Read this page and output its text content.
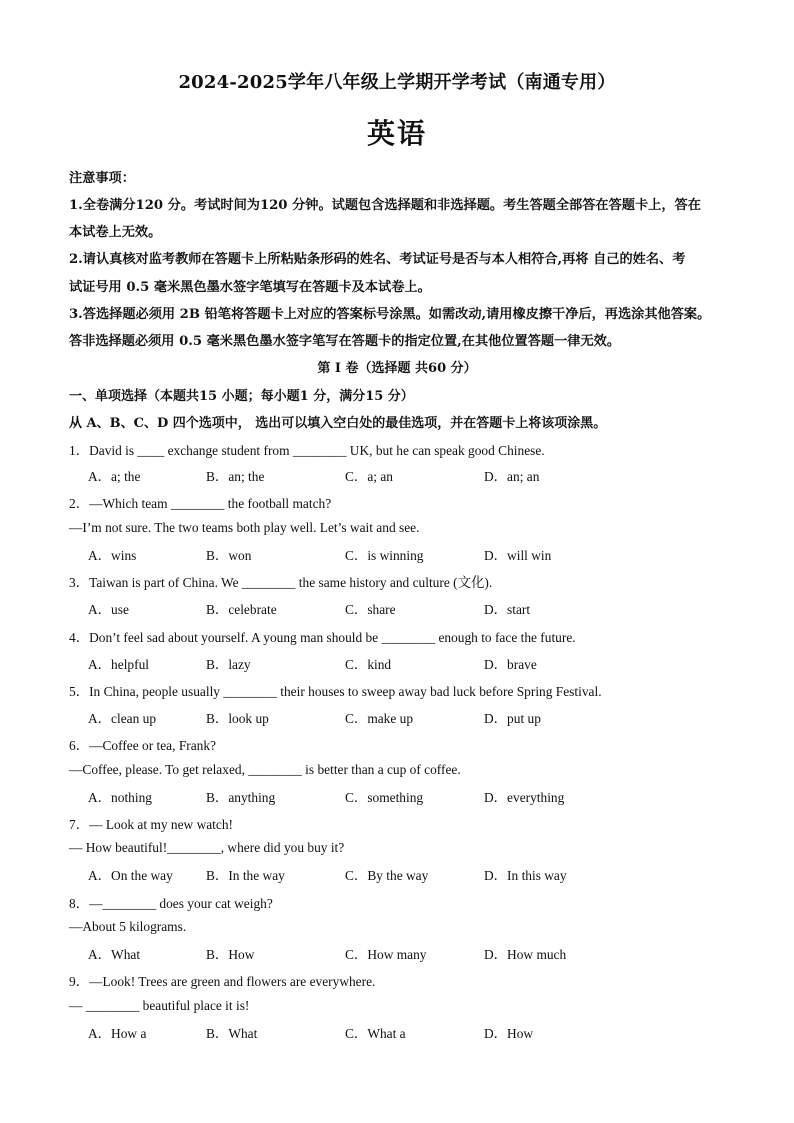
2024-2025学年八年级上学期开学考试（南通专用）
英语
注意事项：
1.全卷满分120 分。考试时间为120 分钟。试题包含选择题和非选择题。考生答题全部答在答题卡上，答在
本试卷上无效。
2.请认真核对监考教师在答题卡上所粘贴条形码的姓名、考试证号是否与本人相符合,再将 自己的姓名、考
试证号用 0.5 毫米黑色墨水签字笔填写在答题卡及本试卷上。
3.答选择题必须用 2B 铅笔将答题卡上对应的答案标号涂黑。如需改动,请用橡皮擦干净后，再选涂其他答案。
答非选择题必须用 0.5 毫米黑色墨水签字笔写在答题卡的指定位置,在其他位置答题一律无效。
第 I 卷（选择题 共60 分）
一、单项选择（本题共15 小题；每小题1 分，满分15 分）
从 A、B、C、D 四个选项中， 选出可以填入空白处的最佳选项，并在答题卡上将该项涂黑。
1．David is ____ exchange student from ________ UK, but he can speak good Chinese.
A．a; the	B．an; the	C．a; an	D．an; an
2．—Which team ________ the football match?
—I’m not sure. The two teams both play well. Let’s wait and see.
A．wins	B．won	C．is winning	D．will win
3．Taiwan is part of China. We ________ the same history and culture (文化).
A．use	B．celebrate	C．share	D．start
4．Don’t feel sad about yourself. A young man should be ________ enough to face the future.
A．helpful	B．lazy	C．kind	D．brave
5．In China, people usually ________ their houses to sweep away bad luck before Spring Festival.
A．clean up	B．look up	C．make up	D．put up
6．—Coffee or tea, Frank?
—Coffee, please. To get relaxed, ________ is better than a cup of coffee.
A．nothing	B．anything	C．something	D．everything
7．— Look at my new watch!
— How beautiful!________, where did you buy it?
A．On the way B．In the way	C．By the way	D．In this way
8．—________ does your cat weigh?
—About 5 kilograms.
A．What	B．How	C．How many	D．How much
9．—Look! Trees are green and flowers are everywhere.
— ________ beautiful place it is!
A．How a	B．What	C．What a	D．How
